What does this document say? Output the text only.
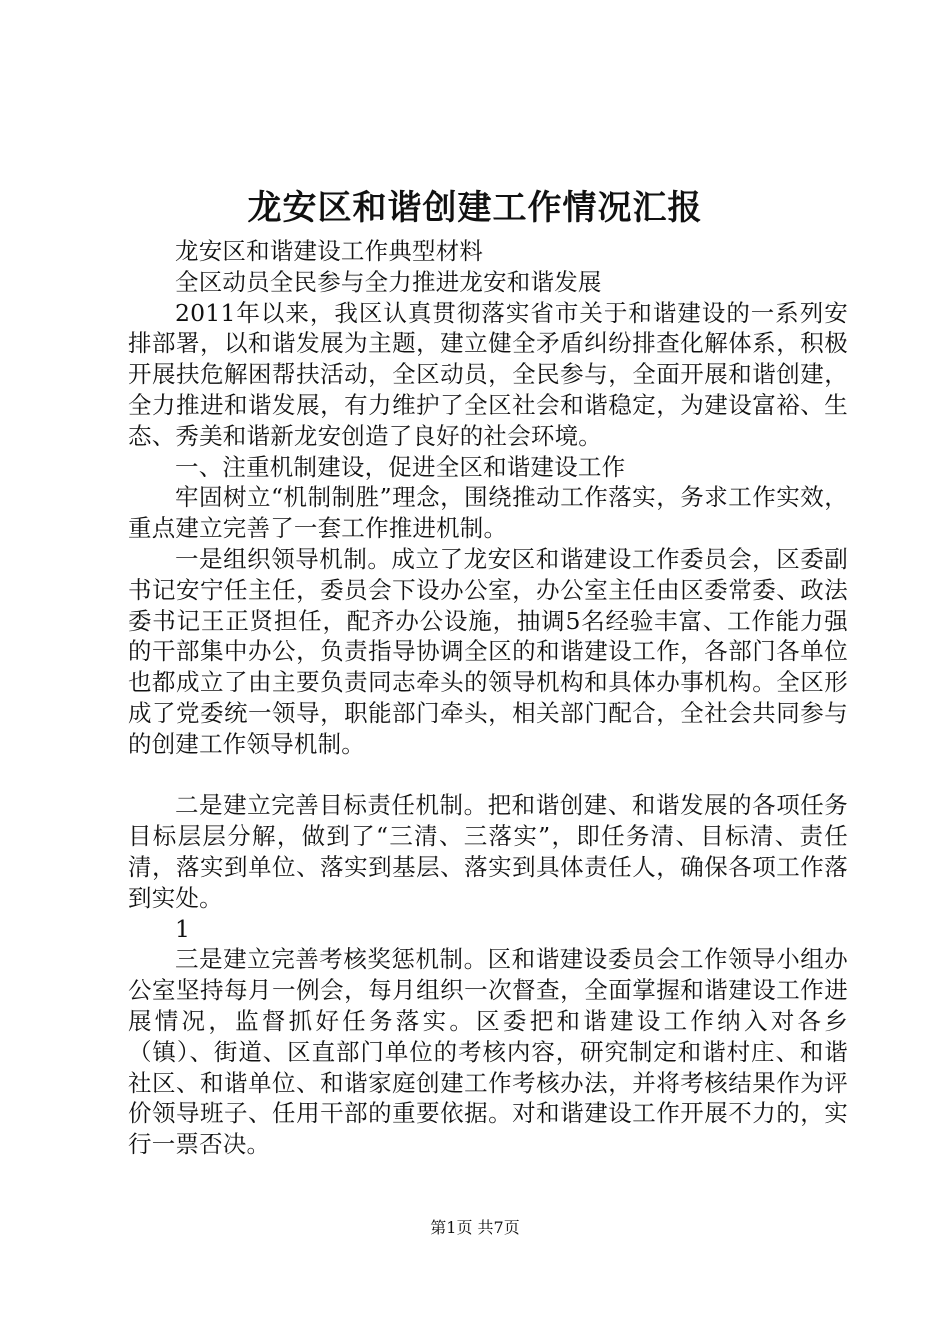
龙安区和谐创建工作情况汇报

龙安区和谐建设工作典型材料

全区动员全民参与全力推进龙安和谐发展

2011年以来，我区认真贯彻落实省市关于和谐建设的一系列安排部署，以和谐发展为主题，建立健全矛盾纠纷排查化解体系，积极开展扶危解困帮扶活动，全区动员，全民参与，全面开展和谐创建，全力推进和谐发展，有力维护了全区社会和谐稳定，为建设富裕、生态、秀美和谐新龙安创造了良好的社会环境。

一、注重机制建设，促进全区和谐建设工作

牢固树立“机制制胜”理念，围绕推动工作落实，务求工作实效，重点建立完善了一套工作推进机制。

一是组织领导机制。成立了龙安区和谐建设工作委员会，区委副书记安宁任主任，委员会下设办公室，办公室主任由区委常委、政法委书记王正贤担任，配齐办公设施，抽调5名经验丰富、工作能力强的干部集中办公，负责指导协调全区的和谐建设工作，各部门各单位也都成立了由主要负责同志牵头的领导机构和具体办事机构。全区形成了党委统一领导，职能部门牵头，相关部门配合，全社会共同参与的创建工作领导机制。

二是建立完善目标责任机制。把和谐创建、和谐发展的各项任务目标层层分解，做到了“三清、三落实”，即任务清、目标清、责任清，落实到单位、落实到基层、落实到具体责任人，确保各项工作落到实处。

1

三是建立完善考核奖惩机制。区和谐建设委员会工作领导小组办公室坚持每月一例会，每月组织一次督查，全面掌握和谐建设工作进展情况，监督抓好任务落实。区委把和谐建设工作纳入对各乡（镇）、街道、区直部门单位的考核内容，研究制定和谐村庄、和谐社区、和谐单位、和谐家庭创建工作考核办法，并将考核结果作为评价领导班子、任用干部的重要依据。对和谐建设工作开展不力的，实行一票否决。

第1页 共7页
